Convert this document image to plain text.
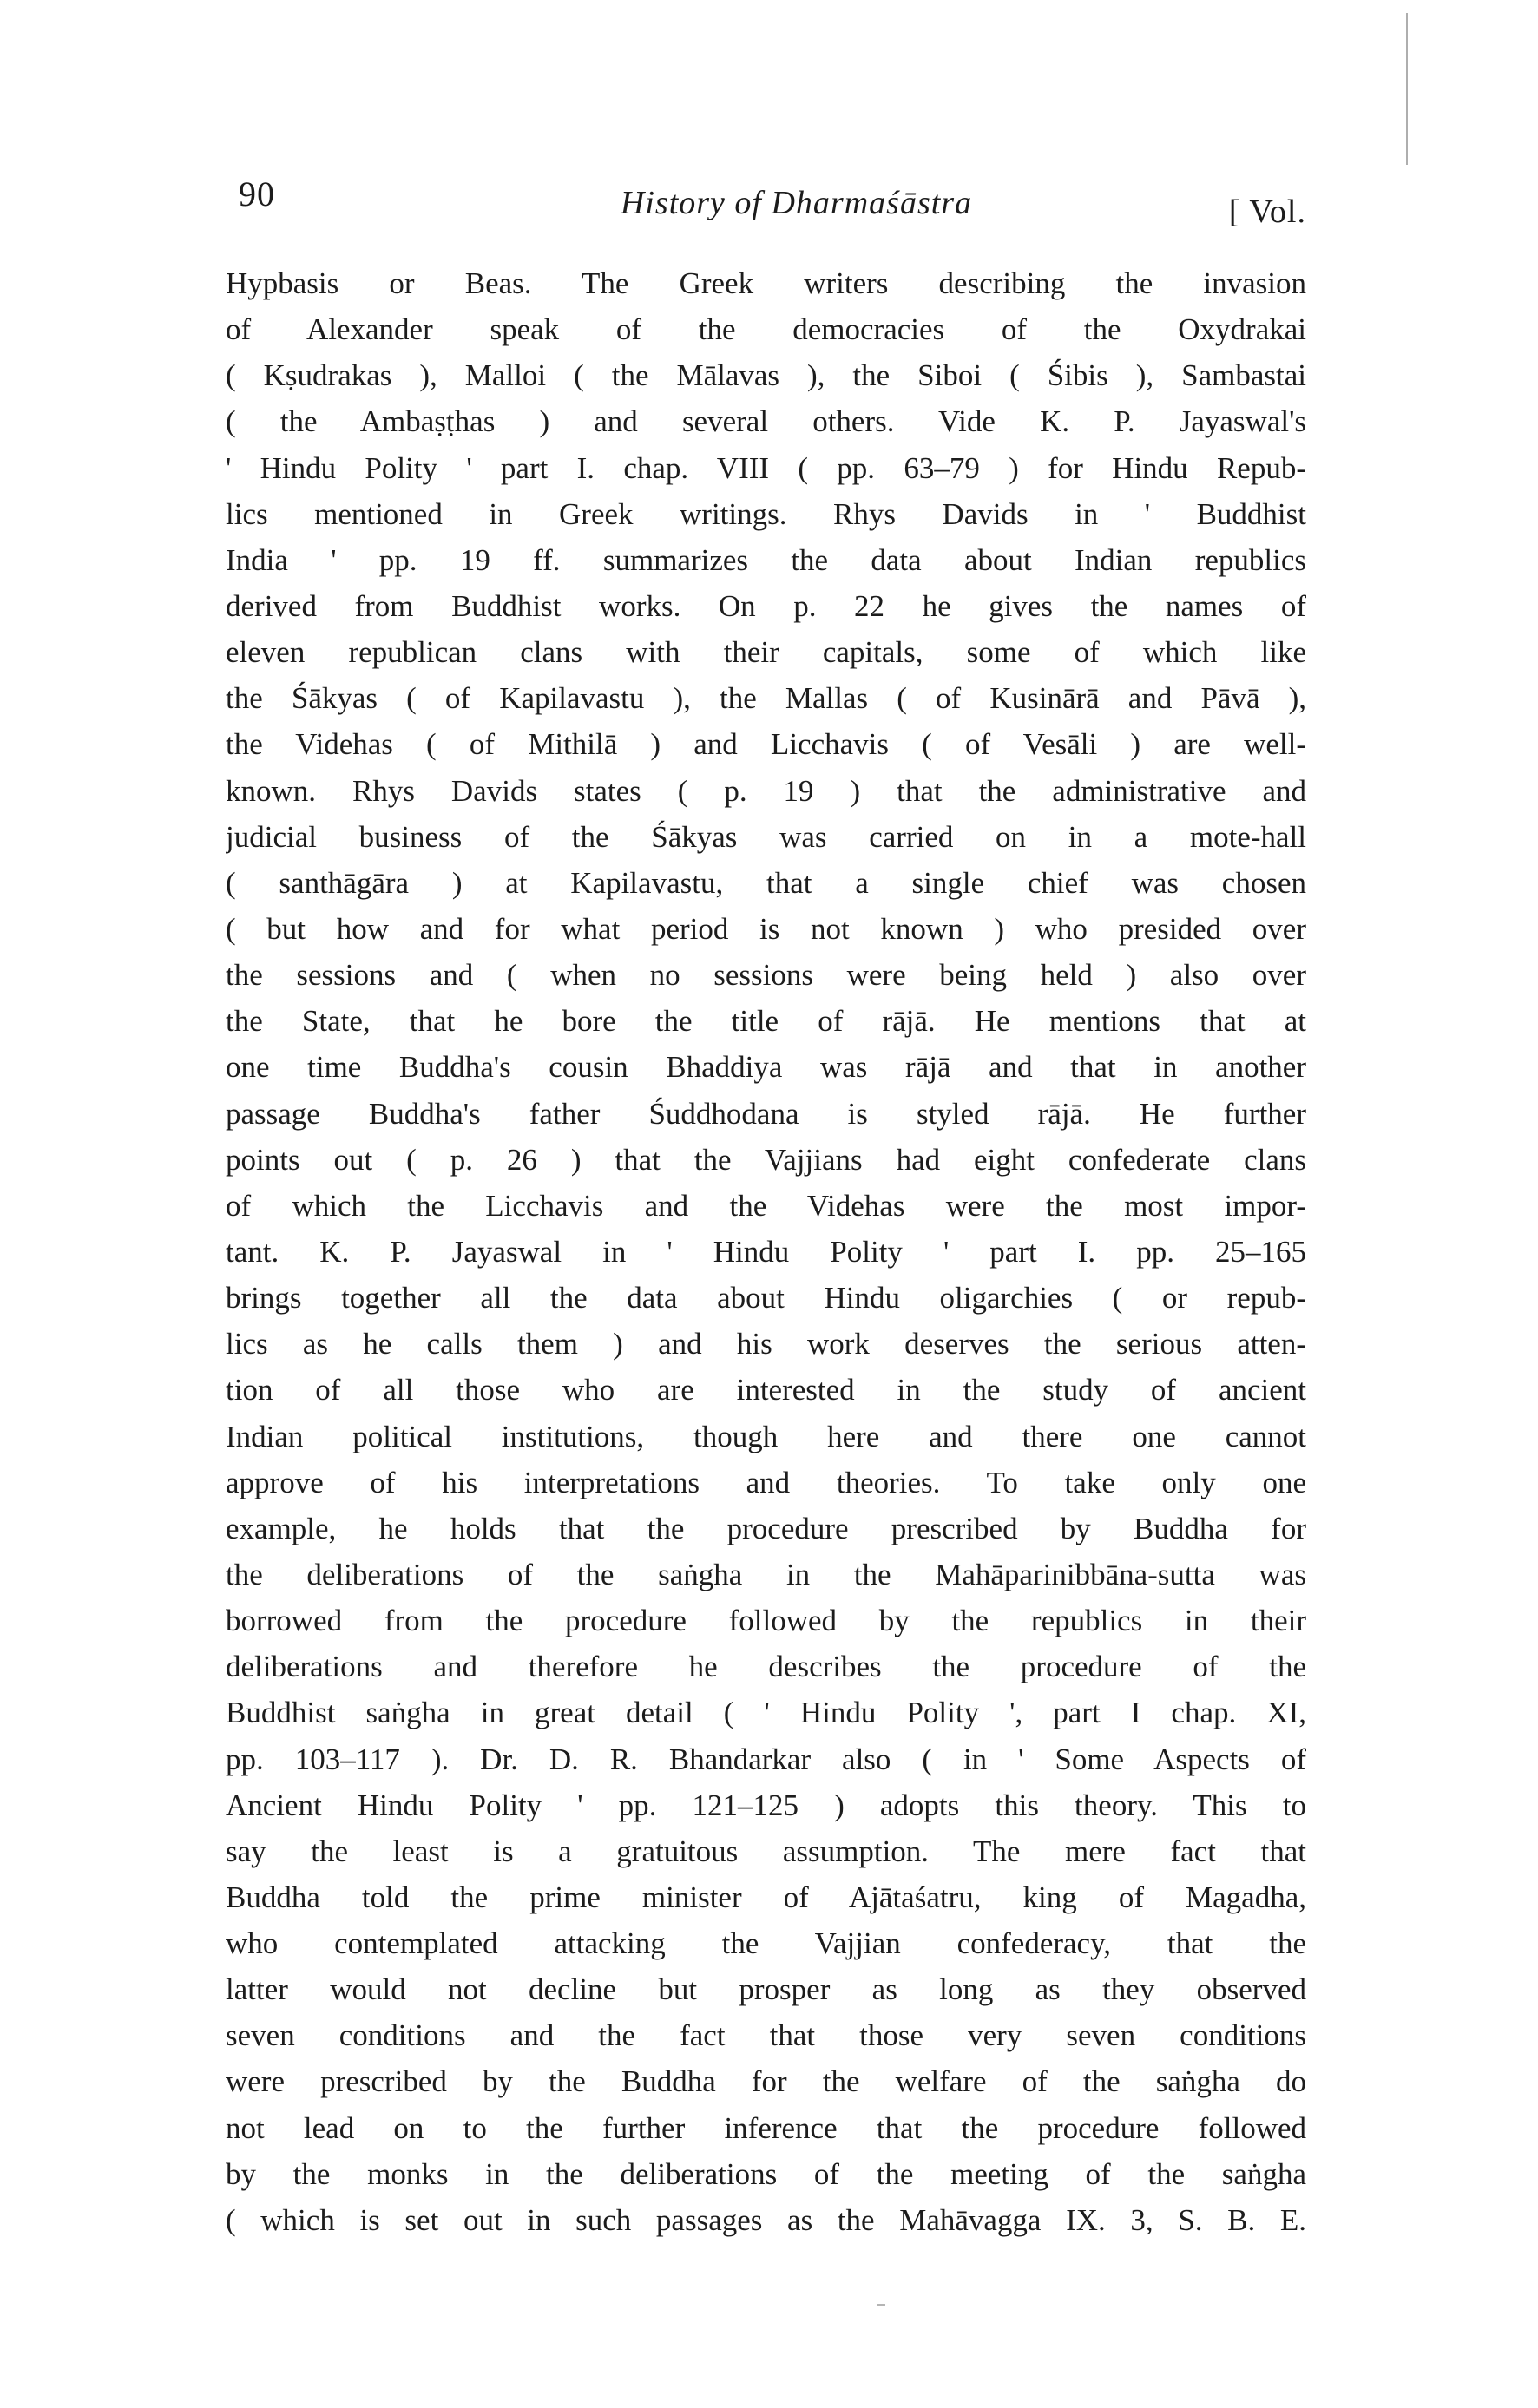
90	History of Dharmaśāstra	[ Vol.
Hypbasis or Beas. The Greek writers describing the invasion
of Alexander speak of the democracies of the Oxydrakai
( Kṣudrakas ), Malloi ( the Mālavas ), the Siboi ( Śibis ), Sambastai
( the Ambaṣṭhas ) and several others. Vide K. P. Jayaswal's
' Hindu Polity ' part I. chap. VIII ( pp. 63–79 ) for Hindu Repub-
lics mentioned in Greek writings. Rhys Davids in ' Buddhist
India ' pp. 19 ff. summarizes the data about Indian republics
derived from Buddhist works. On p. 22 he gives the names of
eleven republican clans with their capitals, some of which like
the Śākyas ( of Kapilavastu ), the Mallas ( of Kusinārā and Pāvā ),
the Videhas ( of Mithilā ) and Licchavis ( of Vesāli ) are well-
known. Rhys Davids states ( p. 19 ) that the administrative and
judicial business of the Śākyas was carried on in a mote-hall
( santhāgāra ) at Kapilavastu, that a single chief was chosen
( but how and for what period is not known ) who presided over
the sessions and ( when no sessions were being held ) also over
the State, that he bore the title of rājā. He mentions that at
one time Buddha's cousin Bhaddiya was rājā and that in another
passage Buddha's father Śuddhodana is styled rājā. He further
points out ( p. 26 ) that the Vajjians had eight confederate clans
of which the Licchavis and the Videhas were the most impor-
tant. K. P. Jayaswal in ' Hindu Polity ' part I. pp. 25–165
brings together all the data about Hindu oligarchies ( or repub-
lics as he calls them ) and his work deserves the serious atten-
tion of all those who are interested in the study of ancient
Indian political institutions, though here and there one cannot
approve of his interpretations and theories. To take only one
example, he holds that the procedure prescribed by Buddha for
the deliberations of the saṅgha in the Mahāparinibbāna-sutta was
borrowed from the procedure followed by the republics in their
deliberations and therefore he describes the procedure of the
Buddhist saṅgha in great detail ( ' Hindu Polity ', part I chap. XI,
pp. 103–117 ). Dr. D. R. Bhandarkar also ( in ' Some Aspects of
Ancient Hindu Polity ' pp. 121–125 ) adopts this theory. This to
say the least is a gratuitous assumption. The mere fact that
Buddha told the prime minister of Ajātaśatru, king of Magadha,
who contemplated attacking the Vajjian confederacy, that the
latter would not decline but prosper as long as they observed
seven conditions and the fact that those very seven conditions
were prescribed by the Buddha for the welfare of the saṅgha do
not lead on to the further inference that the procedure followed
by the monks in the deliberations of the meeting of the saṅgha
( which is set out in such passages as the Mahāvagga IX. 3, S. B. E.
